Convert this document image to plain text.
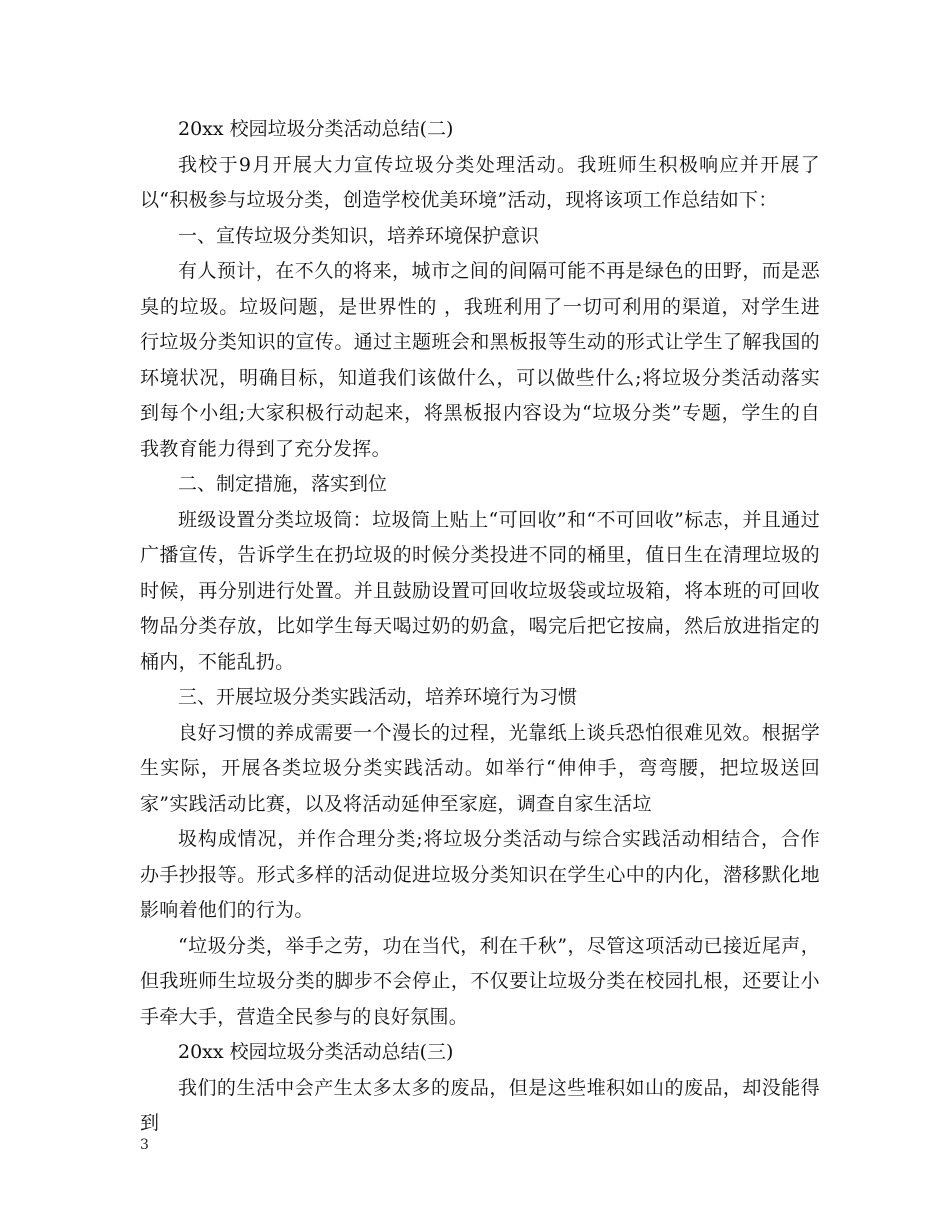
20xx 校园垃圾分类活动总结(二)

我校于9月开展大力宣传垃圾分类处理活动。我班师生积极响应并开展了以“积极参与垃圾分类，创造学校优美环境”活动，现将该项工作总结如下：

一、宣传垃圾分类知识，培养环境保护意识

有人预计，在不久的将来，城市之间的间隔可能不再是绿色的田野，而是恶臭的垃圾。垃圾问题，是世界性的 ，我班利用了一切可利用的渠道，对学生进行垃圾分类知识的宣传。通过主题班会和黑板报等生动的形式让学生了解我国的环境状况，明确目标，知道我们该做什么，可以做些什么;将垃圾分类活动落实到每个小组;大家积极行动起来，将黑板报内容设为“垃圾分类”专题，学生的自我教育能力得到了充分发挥。

二、制定措施，落实到位

班级设置分类垃圾筒：垃圾筒上贴上“可回收”和“不可回收”标志，并且通过广播宣传，告诉学生在扔垃圾的时候分类投进不同的桶里，值日生在清理垃圾的时候，再分别进行处置。并且鼓励设置可回收垃圾袋或垃圾箱，将本班的可回收物品分类存放，比如学生每天喝过奶的奶盒，喝完后把它按扁，然后放进指定的桶内，不能乱扔。

三、开展垃圾分类实践活动，培养环境行为习惯

良好习惯的养成需要一个漫长的过程，光靠纸上谈兵恐怕很难见效。根据学生实际，开展各类垃圾分类实践活动。如举行“伸伸手，弯弯腰，把垃圾送回家”实践活动比赛，以及将活动延伸至家庭，调查自家生活垃

圾构成情况，并作合理分类;将垃圾分类活动与综合实践活动相结合，合作办手抄报等。形式多样的活动促进垃圾分类知识在学生心中的内化，潜移默化地影响着他们的行为。

“垃圾分类，举手之劳，功在当代，利在千秋”，尽管这项活动已接近尾声，但我班师生垃圾分类的脚步不会停止，不仅要让垃圾分类在校园扎根，还要让小手牵大手，营造全民参与的良好氛围。

20xx 校园垃圾分类活动总结(三)

我们的生活中会产生太多太多的废品，但是这些堆积如山的废品，却没能得到

3
